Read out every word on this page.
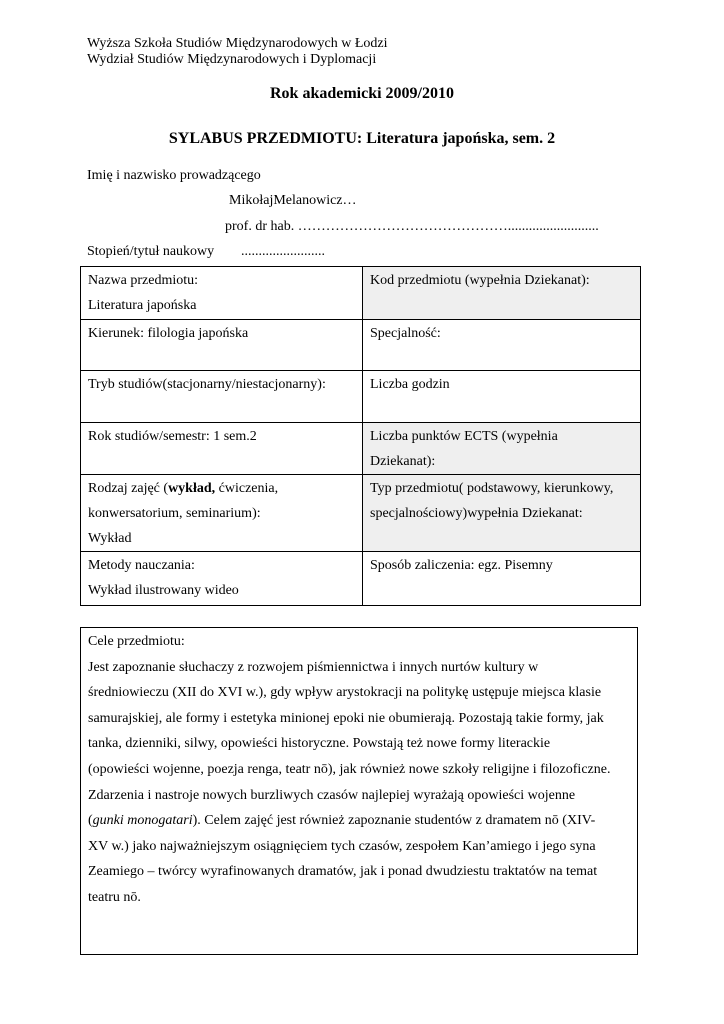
Wyższa Szkoła Studiów Międzynarodowych w Łodzi

Wydział Studiów Międzynarodowych i Dyplomacji

Rok akademicki 2009/2010

SYLABUS PRZEDMIOTU: Literatura japońska, sem. 2

Imię i nazwisko prowadzącego

MikołajMelanowicz…

prof. dr hab. ………………………………………..........................

Stopień/tytuł naukowy ........................

Nazwa przedmiotu:
Literatura japońska	Kod przedmiotu (wypełnia Dziekanat):

Kierunek: filologia japońska	Specjalność:

Tryb studiów(stacjonarny/niestacjonarny):	Liczba godzin

Rok studiów/semestr: 1 sem.2	Liczba punktów ECTS (wypełnia
Dziekanat):

Rodzaj zajęć (wykład, ćwiczenia,
konwersatorium, seminarium):
Wykład	Typ przedmiotu( podstawowy, kierunkowy,
specjalnościowy)wypełnia Dziekanat:

Metody nauczania:
Wykład ilustrowany wideo	Sposób zaliczenia: egz. Pisemny
Cele przedmiotu:
Jest zapoznanie słuchaczy z rozwojem piśmiennictwa i innych nurtów kultury w
średniowieczu (XII do XVI w.), gdy wpływ arystokracji na politykę ustępuje miejsca klasie
samurajskiej, ale formy i estetyka minionej epoki nie obumierają. Pozostają takie formy, jak
tanka, dzienniki, silwy, opowieści historyczne. Powstają też nowe formy literackie
(opowieści wojenne, poezja renga, teatr nō), jak również nowe szkoły religijne i filozoficzne.
Zdarzenia i nastroje nowych burzliwych czasów najlepiej wyrażają opowieści wojenne
(gunki monogatari). Celem zajęć jest również zapoznanie studentów z dramatem nō (XIV-
XV w.) jako najważniejszym osiągnięciem tych czasów, zespołem Kan’amiego i jego syna
Zeamiego – twórcy wyrafinowanych dramatów, jak i ponad dwudziestu traktatów na temat
teatru nō.
